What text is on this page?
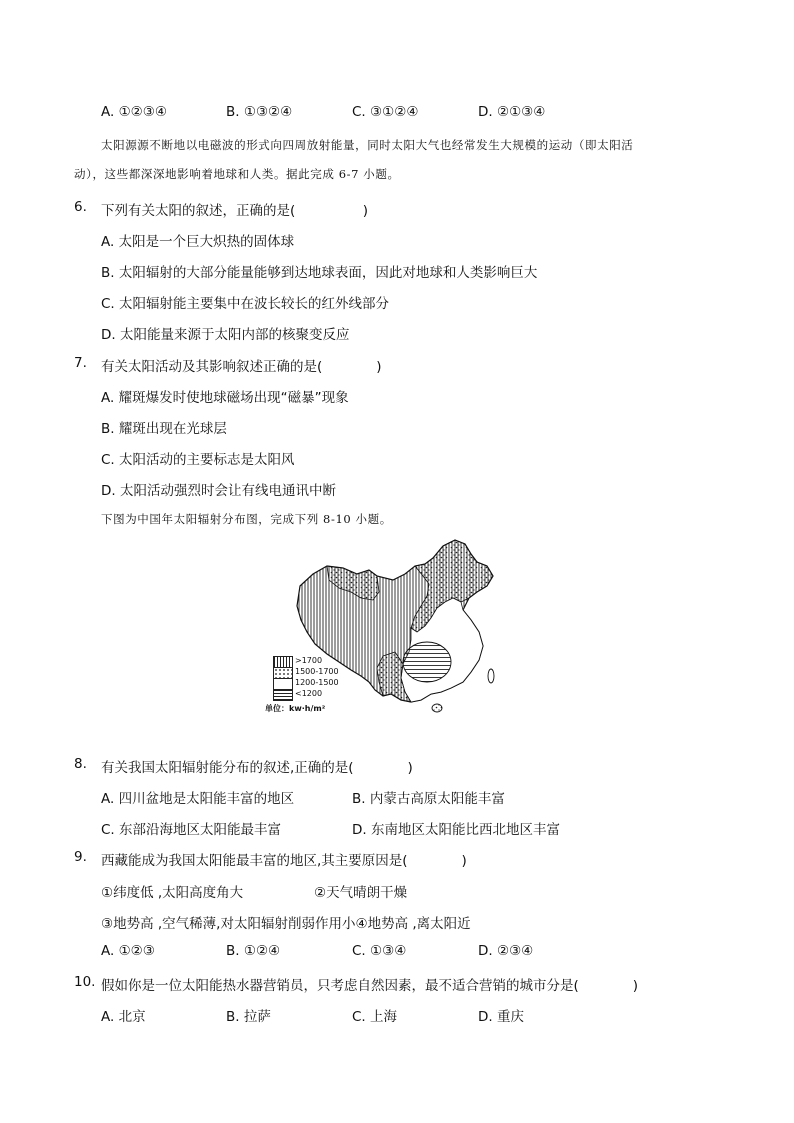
A. ①②③④	B. ①③②④	C. ③①②④	D. ②①③④
太阳源源不断地以电磁波的形式向四周放射能量，同时太阳大气也经常发生大规模的运动（即太阳活
动），这些都深深地影响着地球和人类。据此完成 6-7 小题。
6. 下列有关太阳的叙述，正确的是(　　　　　)
A. 太阳是一个巨大炽热的固体球
B. 太阳辐射的大部分能量能够到达地球表面，因此对地球和人类影响巨大
C. 太阳辐射能主要集中在波长较长的红外线部分
D. 太阳能量来源于太阳内部的核聚变反应
7. 有关太阳活动及其影响叙述正确的是(　　　　)
A. 耀斑爆发时使地球磁场出现“磁暴”现象
B. 耀斑出现在光球层
C. 太阳活动的主要标志是太阳风
D. 太阳活动强烈时会让有线电通讯中断
下图为中国年太阳辐射分布图，完成下列 8-10 小题。
>1700
1500-1700
1200-1500
<1200
单位：kw·h/m²
8. 有关我国太阳辐射能分布的叙述,正确的是(　　　　)
A. 四川盆地是太阳能丰富的地区	B. 内蒙古高原太阳能丰富
C. 东部沿海地区太阳能最丰富	D. 东南地区太阳能比西北地区丰富
9. 西藏能成为我国太阳能最丰富的地区,其主要原因是(　　　　)
①纬度低 ,太阳高度角大	②天气晴朗干燥
③地势高 ,空气稀薄,对太阳辐射削弱作用小④地势高 ,离太阳近
A. ①②③	B. ①②④	C. ①③④	D. ②③④
10. 假如你是一位太阳能热水器营销员，只考虑自然因素，最不适合营销的城市分是(　　　　)
A. 北京	B. 拉萨	C. 上海	D. 重庆
